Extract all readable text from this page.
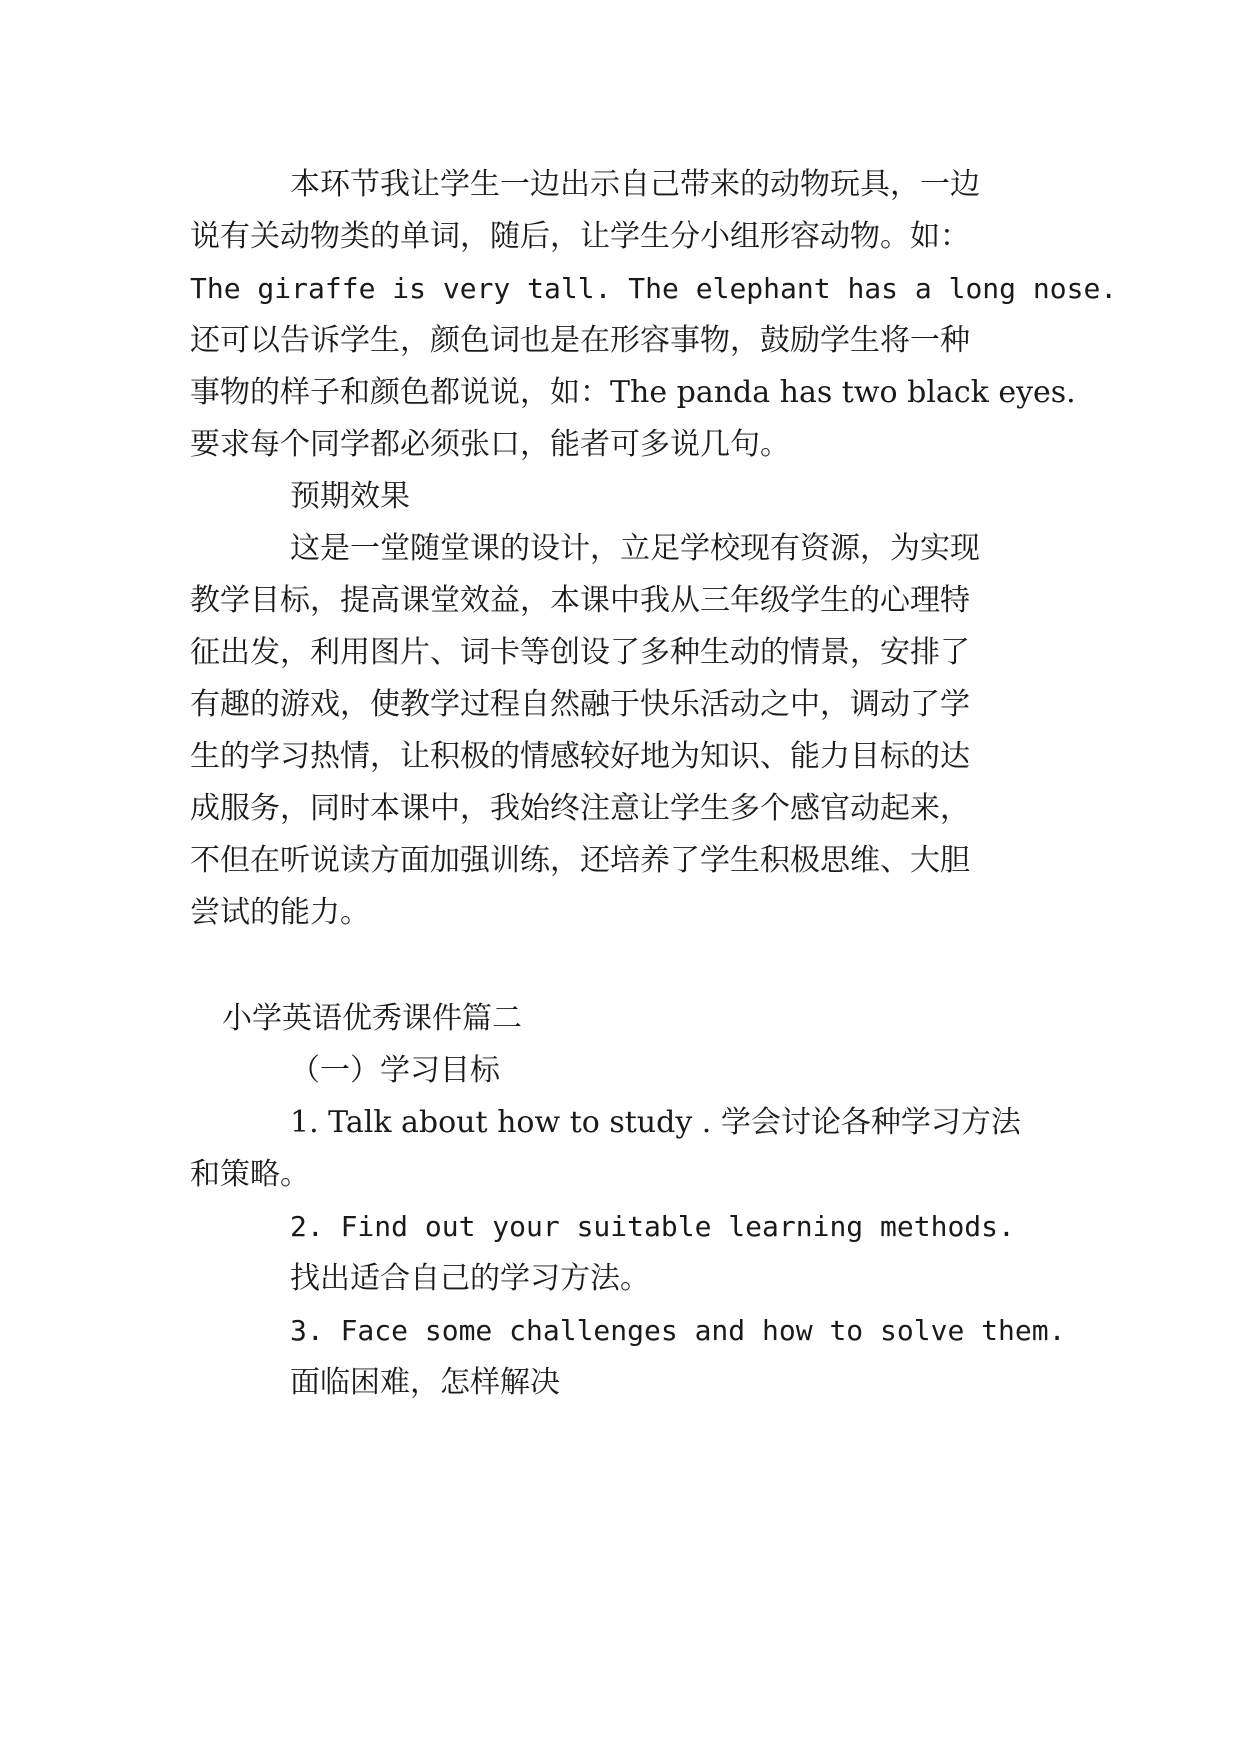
本环节我让学生一边出示自己带来的动物玩具，一边
说有关动物类的单词，随后，让学生分小组形容动物。如：
The giraffe is very tall. The elephant has a long nose.
还可以告诉学生，颜色词也是在形容事物，鼓励学生将一种
事物的样子和颜色都说说，如：The panda has two black eyes.
要求每个同学都必须张口，能者可多说几句。
预期效果
这是一堂随堂课的设计，立足学校现有资源，为实现
教学目标，提高课堂效益，本课中我从三年级学生的心理特
征出发，利用图片、词卡等创设了多种生动的情景，安排了
有趣的游戏，使教学过程自然融于快乐活动之中，调动了学
生的学习热情，让积极的情感较好地为知识、能力目标的达
成服务，同时本课中，我始终注意让学生多个感官动起来，
不但在听说读方面加强训练，还培养了学生积极思维、大胆
尝试的能力。
小学英语优秀课件篇二
（一）学习目标
1. Talk about how to study . 学会讨论各种学习方法
和策略。
2. Find out your suitable learning methods.
找出适合自己的学习方法。
3. Face some challenges and how to solve them.
面临困难，怎样解决
